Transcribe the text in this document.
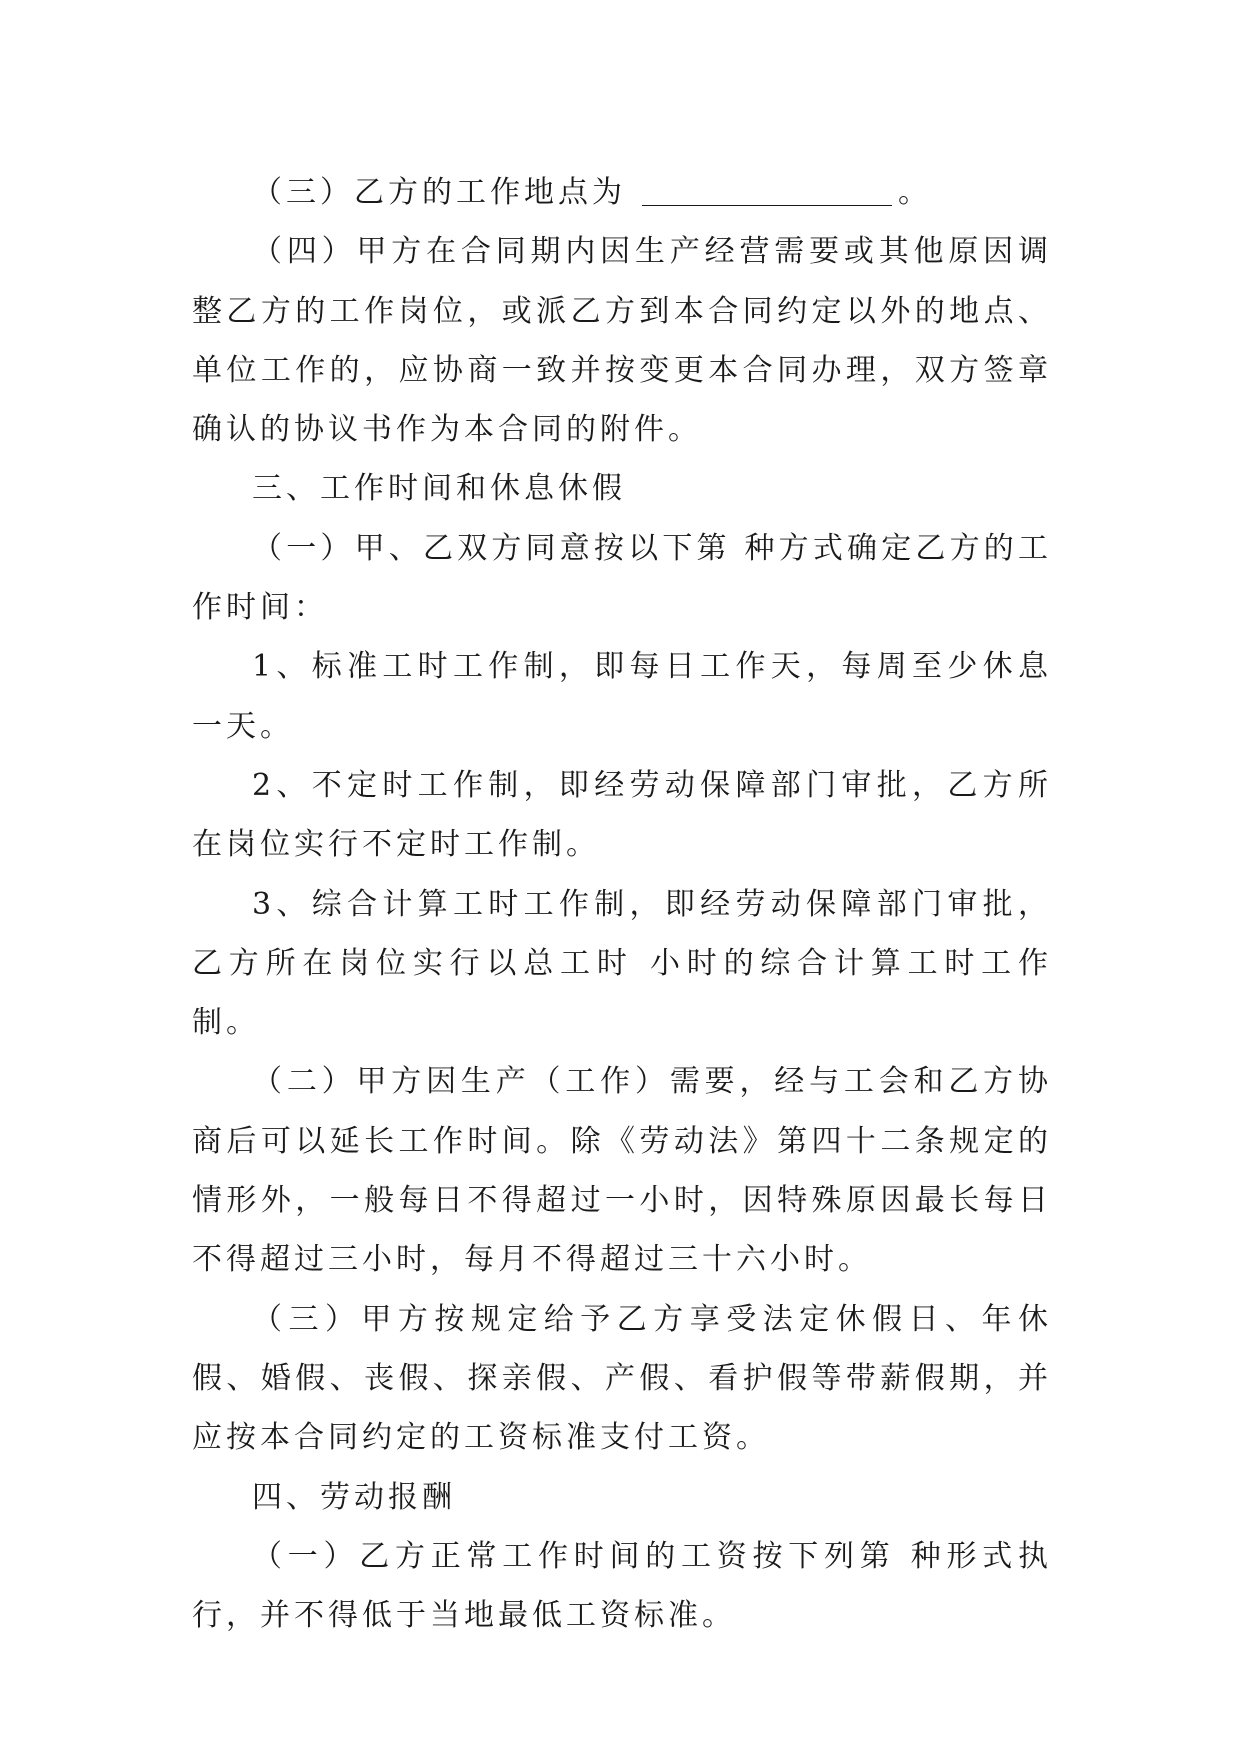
（三）乙方的工作地点为	。

（四）甲方在合同期内因生产经营需要或其他原因调整乙方的工作岗位，或派乙方到本合同约定以外的地点、单位工作的，应协商一致并按变更本合同办理，双方签章确认的协议书作为本合同的附件。

三、工作时间和休息休假

（一）甲、乙双方同意按以下第 种方式确定乙方的工作时间：

1、标准工时工作制，即每日工作天，每周至少休息一天。

2、不定时工作制，即经劳动保障部门审批，乙方所在岗位实行不定时工作制。

3、综合计算工时工作制，即经劳动保障部门审批，乙方所在岗位实行以总工时 小时的综合计算工时工作制。

（二）甲方因生产（工作）需要，经与工会和乙方协商后可以延长工作时间。除《劳动法》第四十二条规定的情形外，一般每日不得超过一小时，因特殊原因最长每日不得超过三小时，每月不得超过三十六小时。

（三）甲方按规定给予乙方享受法定休假日、年休假、婚假、丧假、探亲假、产假、看护假等带薪假期，并应按本合同约定的工资标准支付工资。

四、劳动报酬

（一）乙方正常工作时间的工资按下列第 种形式执行，并不得低于当地最低工资标准。
